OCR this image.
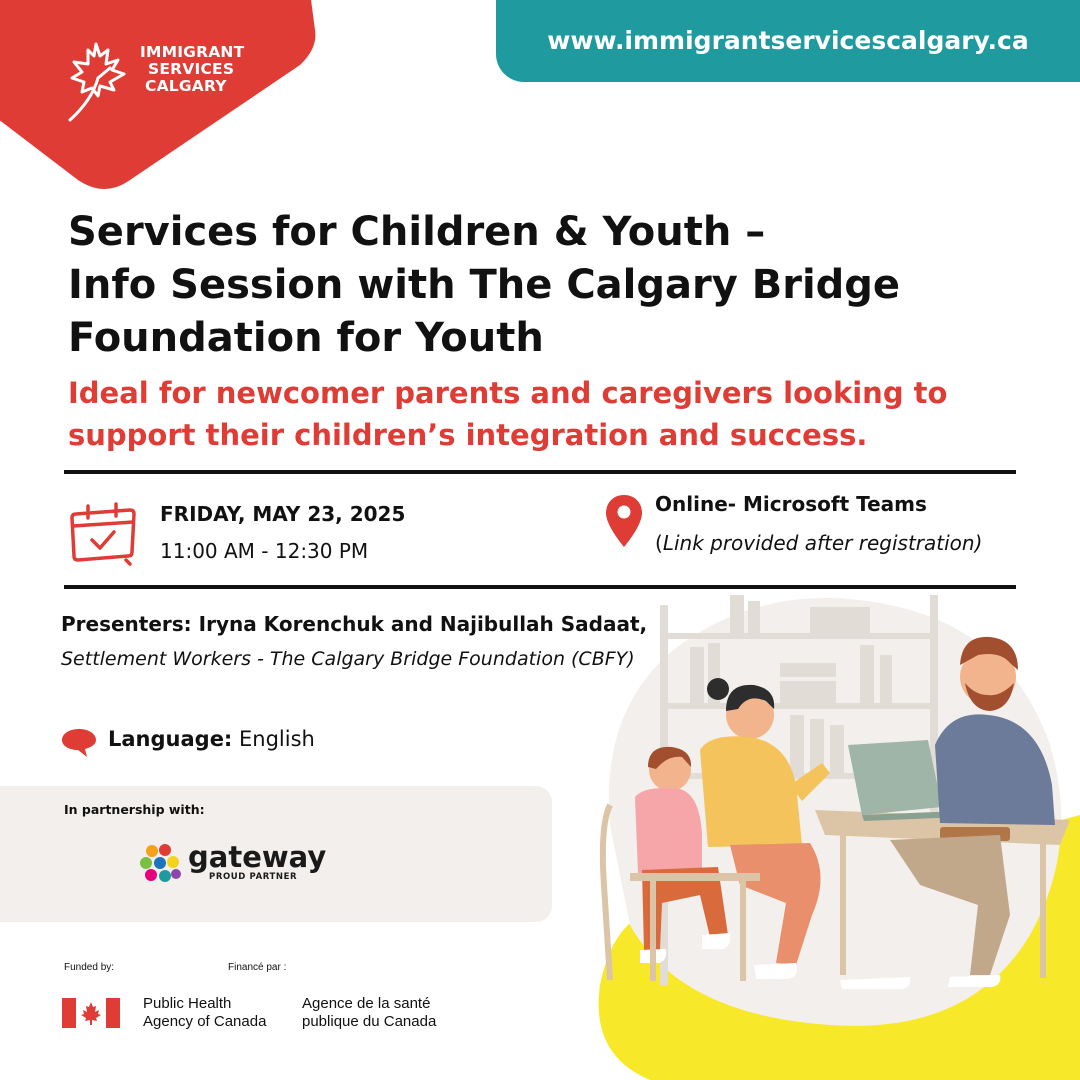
IMMIGRANT
SERVICES
CALGARY
www.immigrantservicescalgary.ca
Services for Children & Youth –
Info Session with The Calgary Bridge
Foundation for Youth
Ideal for newcomer parents and caregivers looking to
support their children’s integration and success.
FRIDAY, MAY 23, 2025
11:00 AM - 12:30 PM
Online- Microsoft Teams
(Link provided after registration)
Presenters: Iryna Korenchuk and Najibullah Sadaat,
Settlement Workers - The Calgary Bridge Foundation (CBFY)
Language: English
In partnership with:
gateway
PROUD PARTNER
Funded by:	Financé par :
Public Health
Agency of Canada
Agence de la santé
publique du Canada
